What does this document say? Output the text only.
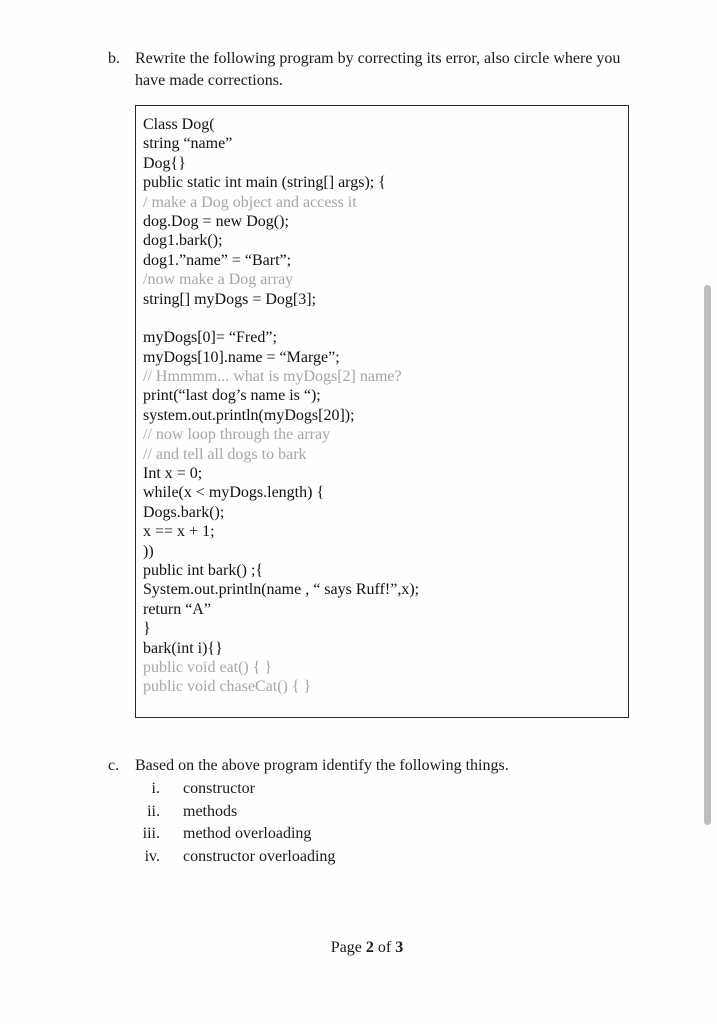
b. Rewrite the following program by correcting its error, also circle where you have made corrections.
Class Dog(
string “name”
Dog{}
public static int main (string[] args); {
/ make a Dog object and access it
dog.Dog = new Dog();
dog1.bark();
dog1.”name” = “Bart”;
/now make a Dog array
string[] myDogs = Dog[3];
myDogs[0]= “Fred”;
myDogs[10].name = “Marge”;
// Hmmmm... what is myDogs[2] name?
print(“last dog’s name is “);
system.out.println(myDogs[20]);
// now loop through the array
// and tell all dogs to bark
Int x = 0;
while(x < myDogs.length) {
Dogs.bark();
x == x + 1;
))
public int bark() ;{
System.out.println(name , “ says Ruff!”,x);
return “A”
}
bark(int i){}
public void eat() { }
public void chaseCat() { }
c. Based on the above program identify the following things.
i. constructor
ii. methods
iii. method overloading
iv. constructor overloading
Page 2 of 3
